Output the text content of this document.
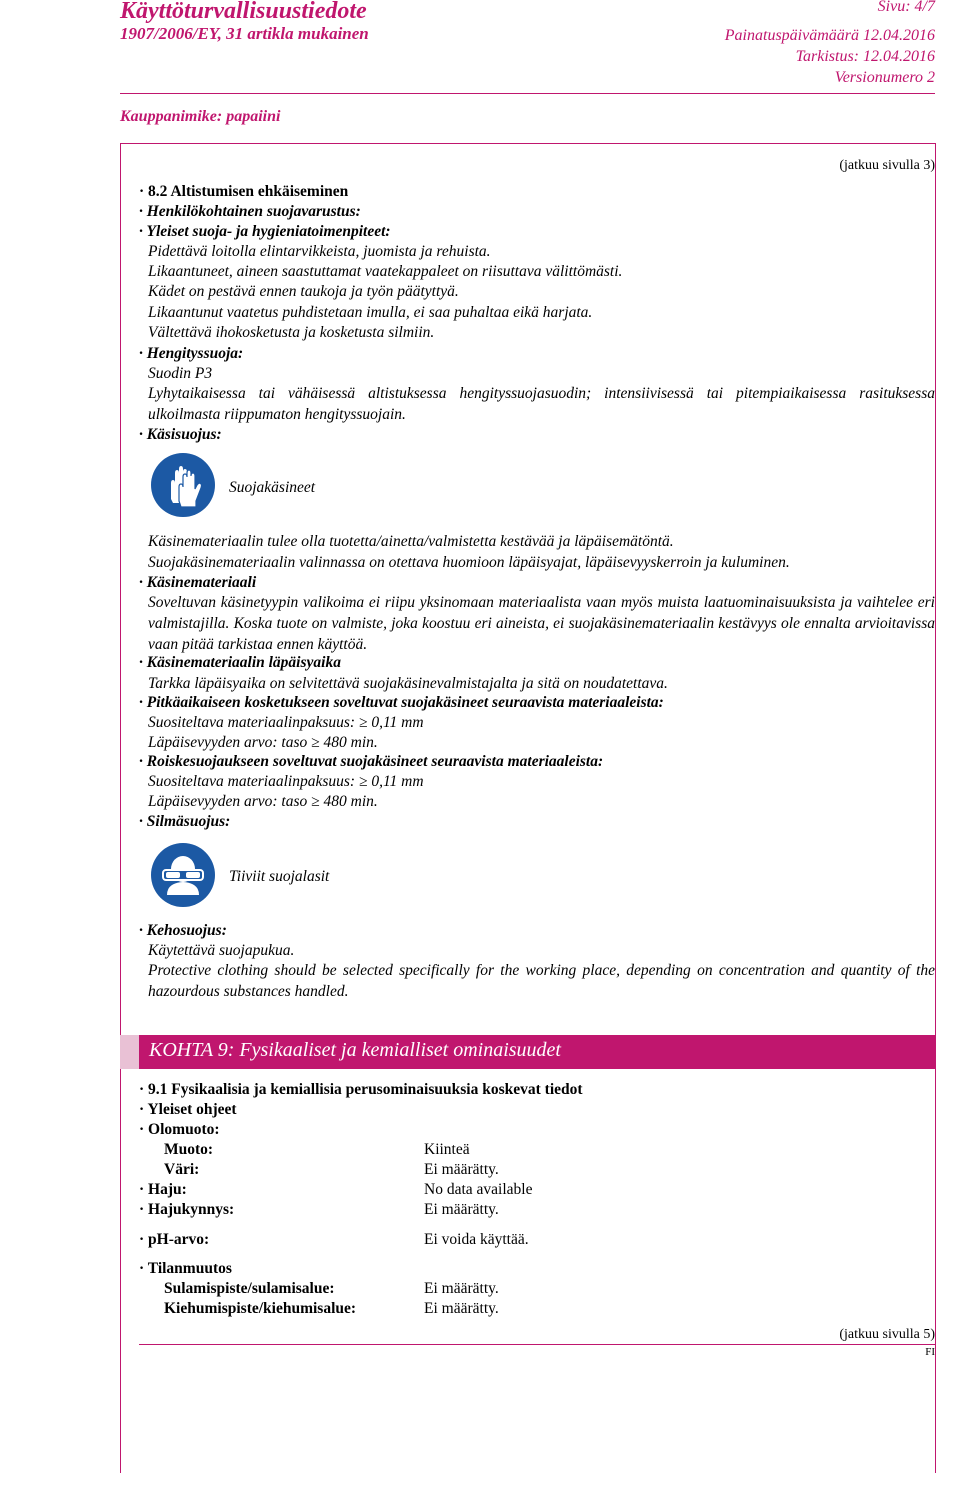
Käyttöturvallisuustiedote
1907/2006/EY, 31 artikla mukainen
Sivu: 4/7
Painatuspäivämäärä 12.04.2016
Tarkistus: 12.04.2016
Versionumero 2
Kauppanimike: papaiini
(jatkuu sivulla 3)
· 8.2 Altistumisen ehkäiseminen
· Henkilökohtainen suojavarustus:
· Yleiset suoja- ja hygieniatoimenpiteet:
Pidettävä loitolla elintarvikkeista, juomista ja rehuista.
Likaantuneet, aineen saastuttamat vaatekappaleet on riisuttava välittömästi.
Kädet on pestävä ennen taukoja ja työn päätyttyä.
Likaantunut vaatetus puhdistetaan imulla, ei saa puhaltaa eikä harjata.
Vältettävä ihokosketusta ja kosketusta silmiin.
· Hengityssuoja:
Suodin P3
Lyhytaikaisessa tai vähäisessä altistuksessa hengityssuojasuodin; intensiivisessä tai pitempiaikaisessa rasituksessa ulkoilmasta riippumaton hengityssuojain.
· Käsisuojus:
Suojakäsineet
Käsinemateriaalin tulee olla tuotetta/ainetta/valmistetta kestävää ja läpäisemätöntä.
Suojakäsinemateriaalin valinnassa on otettava huomioon läpäisyajat, läpäisevyyskerroin ja kuluminen.
· Käsinemateriaali
Soveltuvan käsinetyypin valikoima ei riipu yksinomaan materiaalista vaan myös muista laatuominaisuuksista ja vaihtelee eri valmistajilla. Koska tuote on valmiste, joka koostuu eri aineista, ei suojakäsinemateriaalin kestävyys ole ennalta arvioitavissa vaan pitää tarkistaa ennen käyttöä.
· Käsinemateriaalin läpäisyaika
Tarkka läpäisyaika on selvitettävä suojakäsinevalmistajalta ja sitä on noudatettava.
· Pitkäaikaiseen kosketukseen soveltuvat suojakäsineet seuraavista materiaaleista:
Suositeltava materiaalinpaksuus: ≥ 0,11 mm
Läpäisevyyden arvo: taso ≥ 480 min.
· Roiskesuojaukseen soveltuvat suojakäsineet seuraavista materiaaleista:
Suositeltava materiaalinpaksuus: ≥ 0,11 mm
Läpäisevyyden arvo: taso ≥ 480 min.
· Silmäsuojus:
Tiiviit suojalasit
· Kehosuojus:
Käytettävä suojapukua.
Protective clothing should be selected specifically for the working place, depending on concentration and quantity of the hazourdous substances handled.
KOHTA 9: Fysikaaliset ja kemialliset ominaisuudet
· 9.1 Fysikaalisia ja kemiallisia perusominaisuuksia koskevat tiedot
· Yleiset ohjeet
· Olomuoto:
Muoto:	Kiinteä
Väri:	Ei määrätty.
· Haju:	No data available
· Hajukynnys:	Ei määrätty.
· pH-arvo:	Ei voida käyttää.
· Tilanmuutos
Sulamispiste/sulamisalue:	Ei määrätty.
Kiehumispiste/kiehumisalue:	Ei määrätty.
(jatkuu sivulla 5)
FI
